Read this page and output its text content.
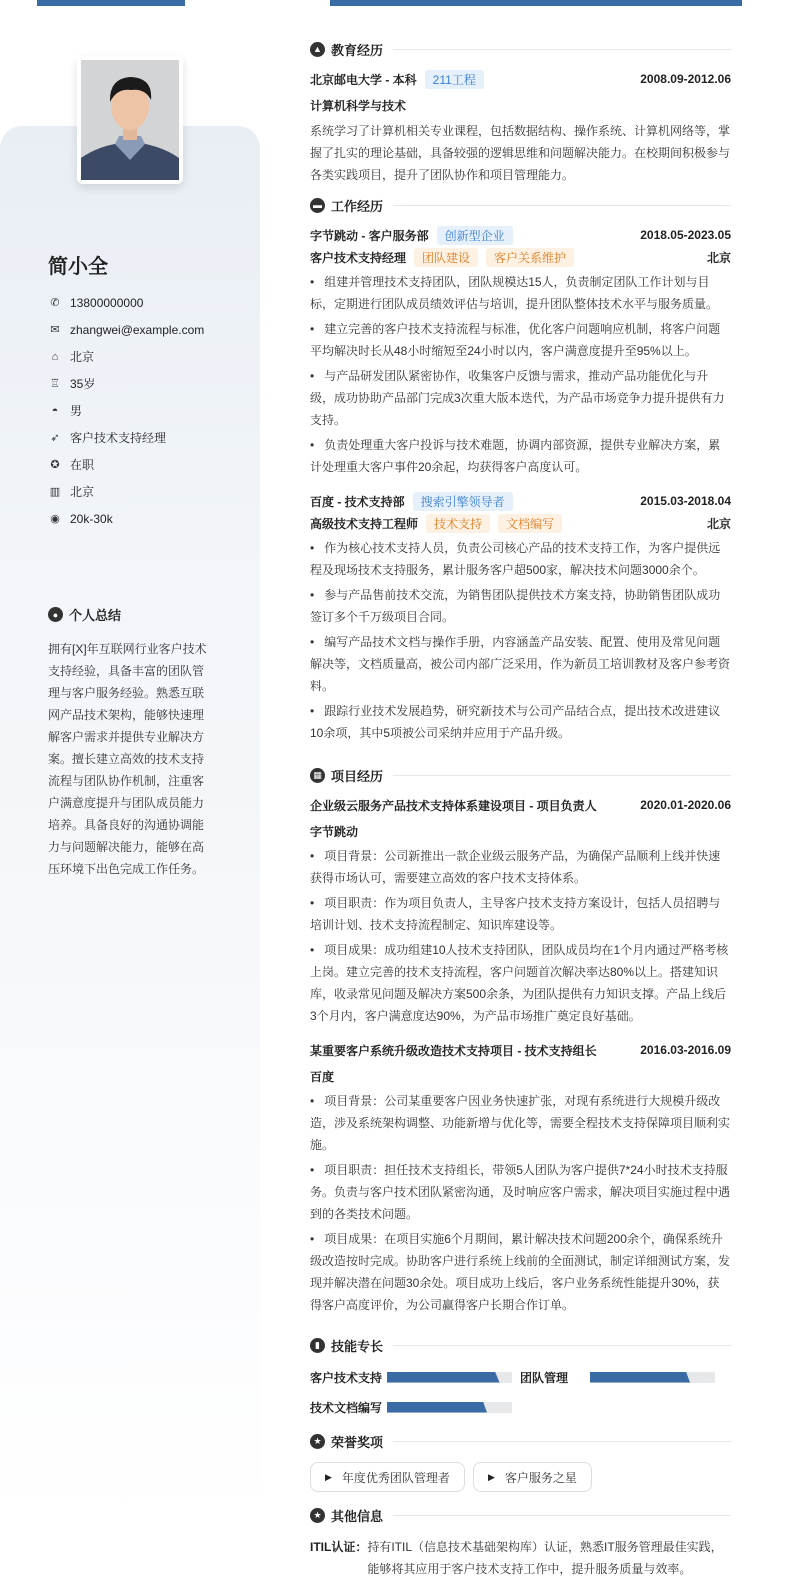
简小全
✆ 13800000000
✉ zhangwei@example.com
⌂ 北京
♖ 35岁
◓ 男
➶ 客户技术支持经理
✪ 在职
▥ 北京
◉ 20k-30k
● 个人总结
拥有[X]年互联网行业客户技术支持经验，具备丰富的团队管理与客户服务经验。熟悉互联网产品技术架构，能够快速理解客户需求并提供专业解决方案。擅长建立高效的技术支持流程与团队协作机制，注重客户满意度提升与团队成员能力培养。具备良好的沟通协调能力与问题解决能力，能够在高压环境下出色完成工作任务。
▲ 教育经历
北京邮电大学 - 本科	211工程	2008.09-2012.06
计算机科学与技术
系统学习了计算机相关专业课程，包括数据结构、操作系统、计算机网络等，掌握了扎实的理论基础，具备较强的逻辑思维和问题解决能力。在校期间积极参与各类实践项目，提升了团队协作和项目管理能力。
▬ 工作经历
字节跳动 - 客户服务部	创新型企业	2018.05-2023.05
客户技术支持经理	团队建设	客户关系维护	北京
• 组建并管理技术支持团队，团队规模达15人，负责制定团队工作计划与目标，定期进行团队成员绩效评估与培训，提升团队整体技术水平与服务质量。
• 建立完善的客户技术支持流程与标准，优化客户问题响应机制，将客户问题平均解决时长从48小时缩短至24小时以内，客户满意度提升至95%以上。
• 与产品研发团队紧密协作，收集客户反馈与需求，推动产品功能优化与升级，成功协助产品部门完成3次重大版本迭代，为产品市场竞争力提升提供有力支持。
• 负责处理重大客户投诉与技术难题，协调内部资源，提供专业解决方案，累计处理重大客户事件20余起，均获得客户高度认可。
百度 - 技术支持部	搜索引擎领导者	2015.03-2018.04
高级技术支持工程师	技术支持	文档编写	北京
• 作为核心技术支持人员，负责公司核心产品的技术支持工作，为客户提供远程及现场技术支持服务，累计服务客户超500家，解决技术问题3000余个。
• 参与产品售前技术交流，为销售团队提供技术方案支持，协助销售团队成功签订多个千万级项目合同。
• 编写产品技术文档与操作手册，内容涵盖产品安装、配置、使用及常见问题解决等，文档质量高，被公司内部广泛采用，作为新员工培训教材及客户参考资料。
• 跟踪行业技术发展趋势，研究新技术与公司产品结合点，提出技术改进建议10余项，其中5项被公司采纳并应用于产品升级。
▦ 项目经历
企业级云服务产品技术支持体系建设项目 - 项目负责人	2020.01-2020.06
字节跳动
• 项目背景：公司新推出一款企业级云服务产品，为确保产品顺利上线并快速获得市场认可，需要建立高效的客户技术支持体系。
• 项目职责：作为项目负责人，主导客户技术支持方案设计，包括人员招聘与培训计划、技术支持流程制定、知识库建设等。
• 项目成果：成功组建10人技术支持团队，团队成员均在1个月内通过严格考核上岗。建立完善的技术支持流程，客户问题首次解决率达80%以上。搭建知识库，收录常见问题及解决方案500余条，为团队提供有力知识支撑。产品上线后3个月内，客户满意度达90%，为产品市场推广奠定良好基础。
某重要客户系统升级改造技术支持项目 - 技术支持组长	2016.03-2016.09
百度
• 项目背景：公司某重要客户因业务快速扩张，对现有系统进行大规模升级改造，涉及系统架构调整、功能新增与优化等，需要全程技术支持保障项目顺利实施。
• 项目职责：担任技术支持组长，带领5人团队为客户提供7*24小时技术支持服务。负责与客户技术团队紧密沟通，及时响应客户需求，解决项目实施过程中遇到的各类技术问题。
• 项目成果：在项目实施6个月期间，累计解决技术问题200余个，确保系统升级改造按时完成。协助客户进行系统上线前的全面测试，制定详细测试方案，发现并解决潜在问题30余处。项目成功上线后，客户业务系统性能提升30%，获得客户高度评价，为公司赢得客户长期合作订单。
▮ 技能专长
客户技术支持	团队管理
技术文档编写
★ 荣誉奖项
▶ 年度优秀团队管理者	▶ 客户服务之星
★ 其他信息
ITIL认证： 持有ITIL（信息技术基础架构库）认证，熟悉IT服务管理最佳实践，能够将其应用于客户技术支持工作中，提升服务质量与效率。
